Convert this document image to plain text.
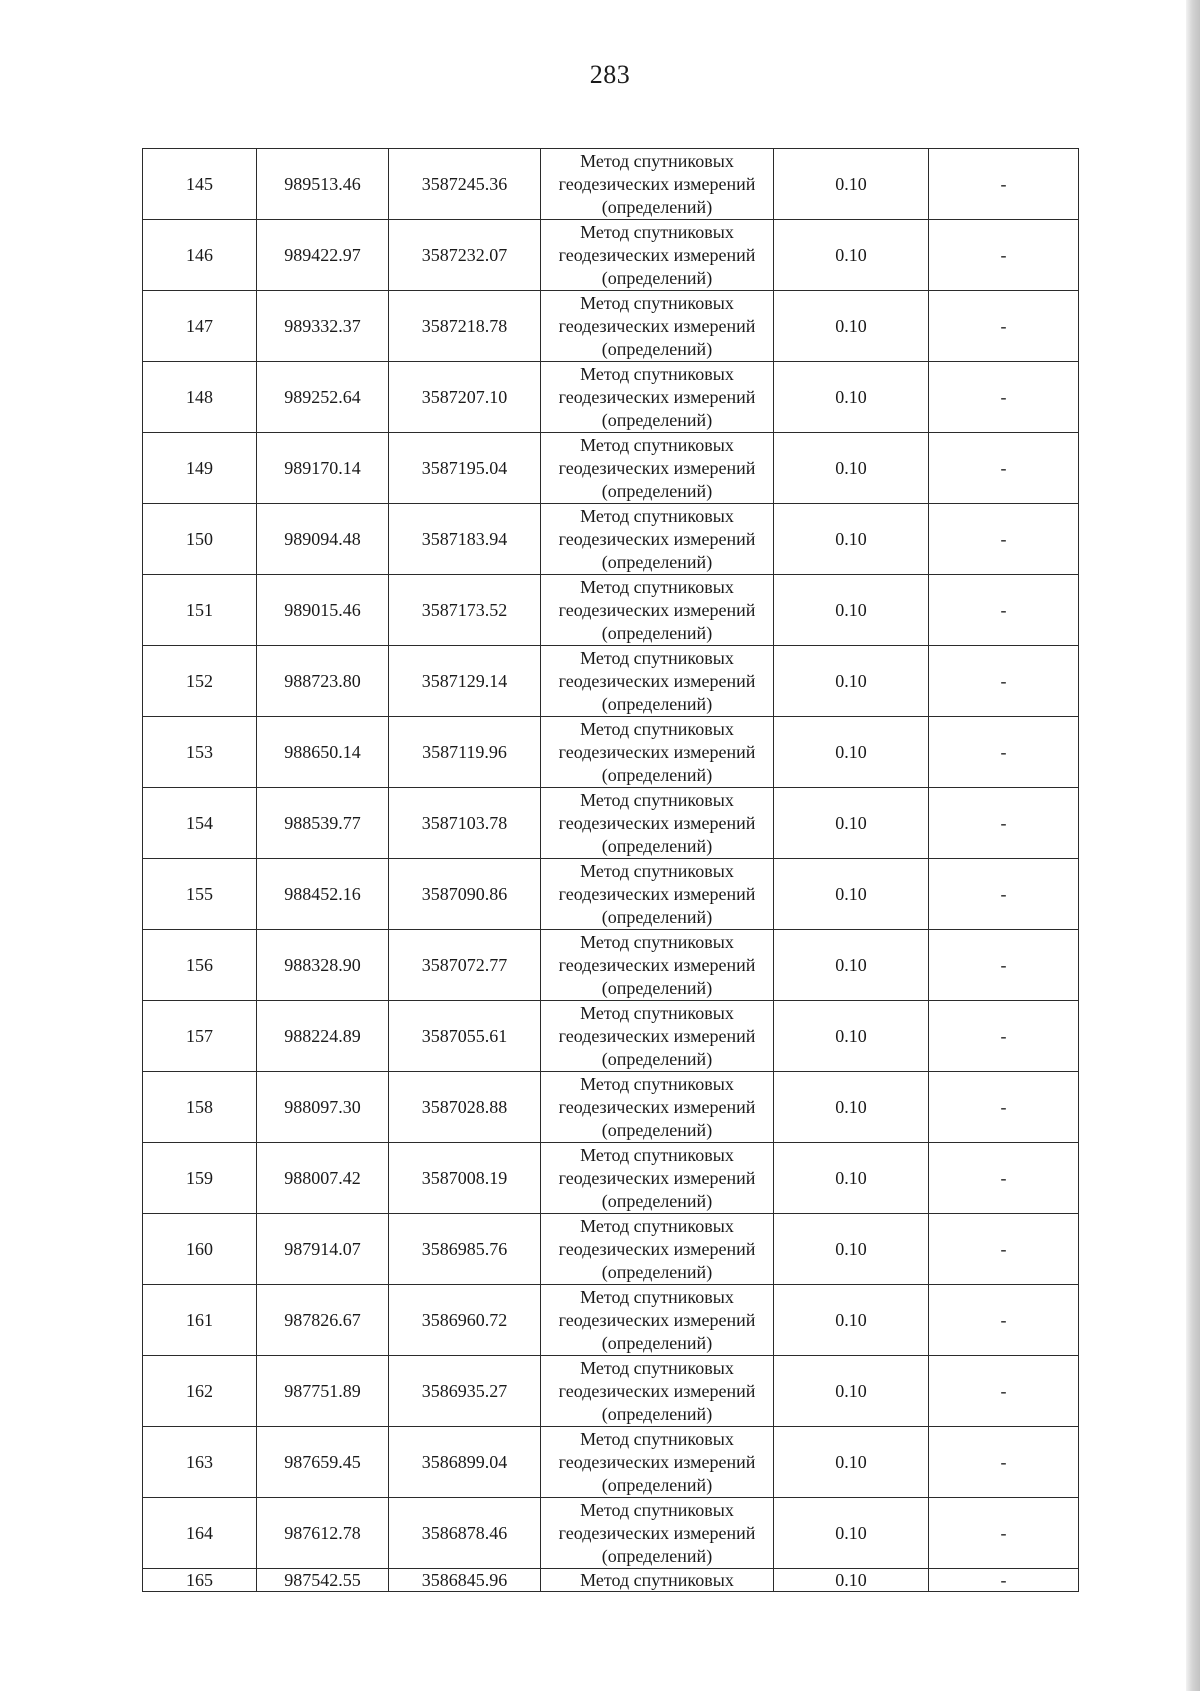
283
145	989513.46	3587245.36	Метод спутниковых
геодезических измерений
(определений)	0.10	-
146	989422.97	3587232.07	Метод спутниковых
геодезических измерений
(определений)	0.10	-
147	989332.37	3587218.78	Метод спутниковых
геодезических измерений
(определений)	0.10	-
148	989252.64	3587207.10	Метод спутниковых
геодезических измерений
(определений)	0.10	-
149	989170.14	3587195.04	Метод спутниковых
геодезических измерений
(определений)	0.10	-
150	989094.48	3587183.94	Метод спутниковых
геодезических измерений
(определений)	0.10	-
151	989015.46	3587173.52	Метод спутниковых
геодезических измерений
(определений)	0.10	-
152	988723.80	3587129.14	Метод спутниковых
геодезических измерений
(определений)	0.10	-
153	988650.14	3587119.96	Метод спутниковых
геодезических измерений
(определений)	0.10	-
154	988539.77	3587103.78	Метод спутниковых
геодезических измерений
(определений)	0.10	-
155	988452.16	3587090.86	Метод спутниковых
геодезических измерений
(определений)	0.10	-
156	988328.90	3587072.77	Метод спутниковых
геодезических измерений
(определений)	0.10	-
157	988224.89	3587055.61	Метод спутниковых
геодезических измерений
(определений)	0.10	-
158	988097.30	3587028.88	Метод спутниковых
геодезических измерений
(определений)	0.10	-
159	988007.42	3587008.19	Метод спутниковых
геодезических измерений
(определений)	0.10	-
160	987914.07	3586985.76	Метод спутниковых
геодезических измерений
(определений)	0.10	-
161	987826.67	3586960.72	Метод спутниковых
геодезических измерений
(определений)	0.10	-
162	987751.89	3586935.27	Метод спутниковых
геодезических измерений
(определений)	0.10	-
163	987659.45	3586899.04	Метод спутниковых
геодезических измерений
(определений)	0.10	-
164	987612.78	3586878.46	Метод спутниковых
геодезических измерений
(определений)	0.10	-
165	987542.55	3586845.96	Метод спутниковых	0.10	-
